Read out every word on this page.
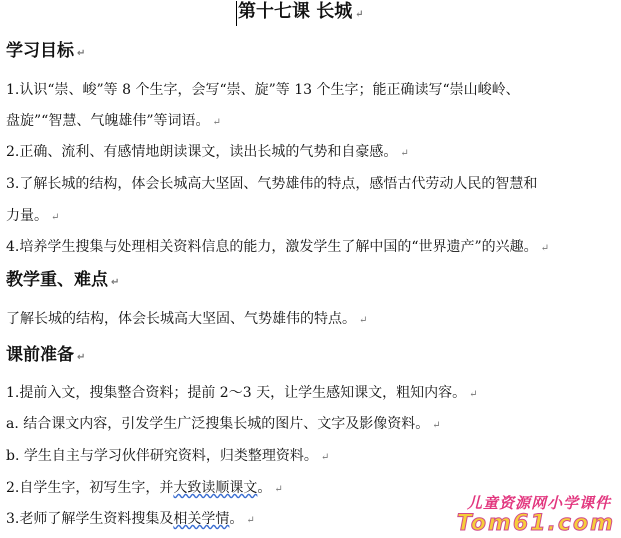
第十七课 长城 ↵
学习目标 ↵
1.认识“崇、峻”等 8 个生字，会写“崇、旋”等 13 个生字；能正确读写“崇山峻岭、
盘旋”“智慧、气魄雄伟”等词语。 ↵
2.正确、流利、有感情地朗读课文，读出长城的气势和自豪感。 ↵
3.了解长城的结构，体会长城高大坚固、气势雄伟的特点，感悟古代劳动人民的智慧和
力量。 ↵
4.培养学生搜集与处理相关资料信息的能力，激发学生了解中国的“世界遗产”的兴趣。 ↵
教学重、难点 ↵
了解长城的结构，体会长城高大坚固、气势雄伟的特点。 ↵
课前准备 ↵
1.提前入文，搜集整合资料；提前 2～3 天，让学生感知课文，粗知内容。 ↵
a. 结合课文内容，引发学生广泛搜集长城的图片、文字及影像资料。 ↵
b. 学生自主与学习伙伴研究资料，归类整理资料。 ↵
2.自学生字，初写生字，并大致读顺课文。 ↵
3.老师了解学生资料搜集及相关学情。 ↵
儿童资源网小学课件
Tom61.com
